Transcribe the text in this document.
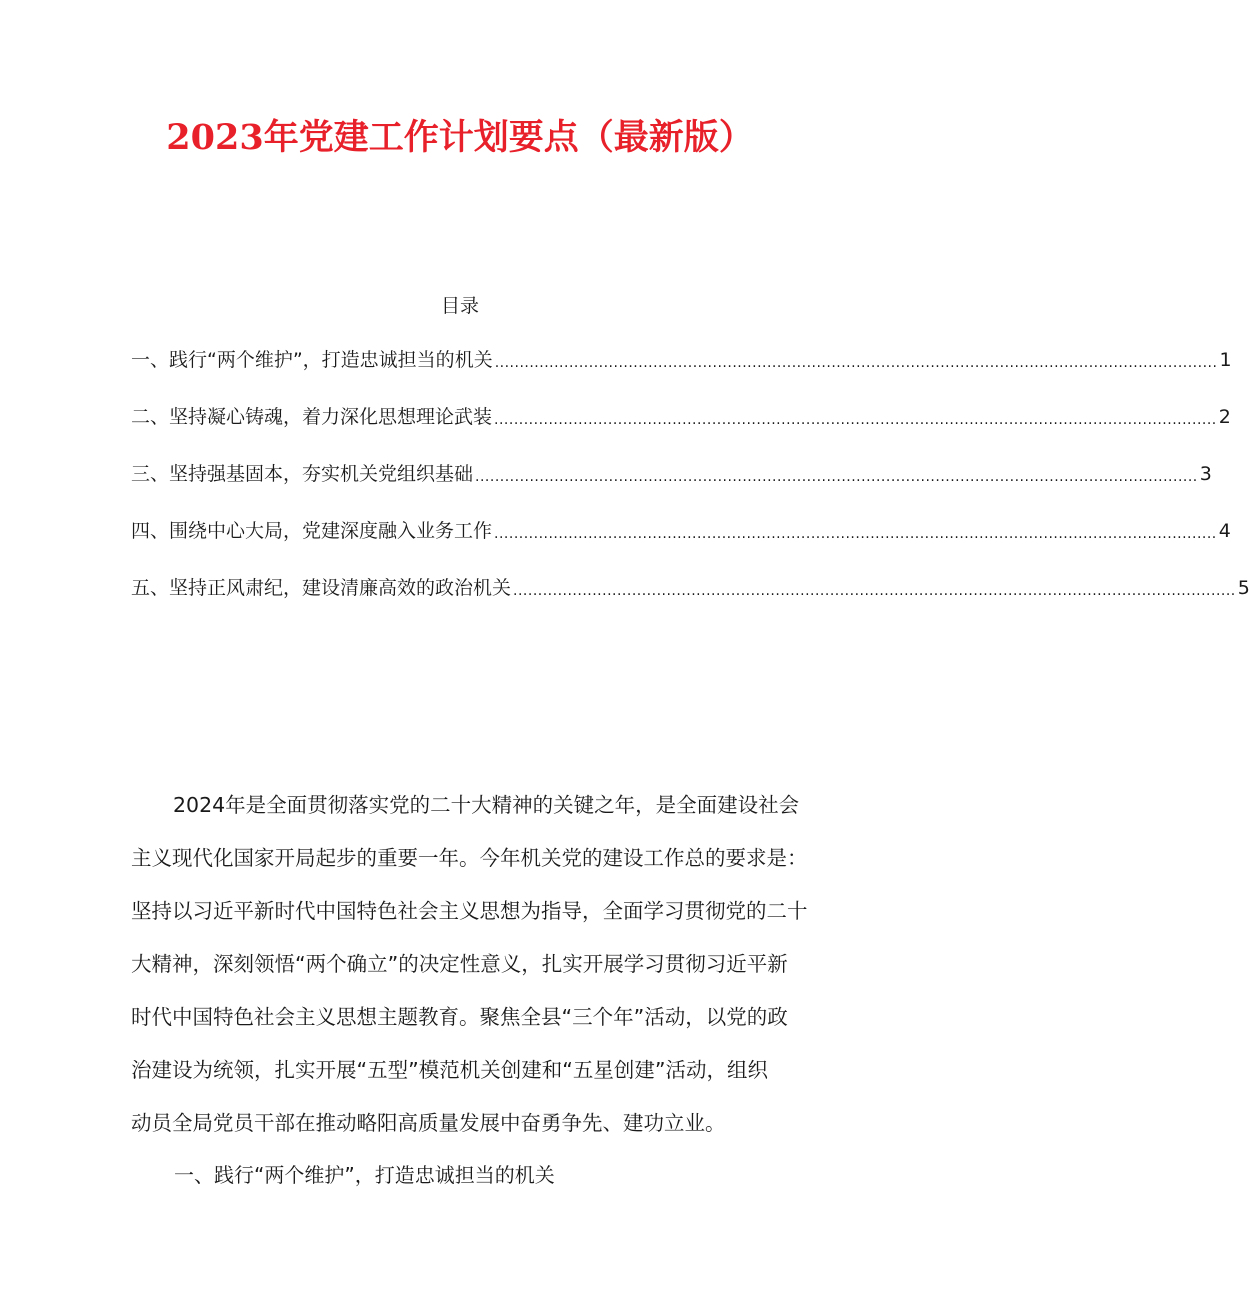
2023年党建工作计划要点（最新版）
目录
一、践行“两个维护”，打造忠诚担当的机关 .................................................................................................................................................. 1
二、坚持凝心铸魂，着力深化思想理论武装 .................................................................................................................................................. 2
三、坚持强基固本，夯实机关党组织基础 .................................................................................................................................................. 3
四、围绕中心大局，党建深度融入业务工作 .................................................................................................................................................. 4
五、坚持正风肃纪，建设清廉高效的政治机关 .................................................................................................................................................. 5
2024年是全面贯彻落实党的二十大精神的关键之年，是全面建设社会
主义现代化国家开局起步的重要一年。今年机关党的建设工作总的要求是：
坚持以习近平新时代中国特色社会主义思想为指导，全面学习贯彻党的二十
大精神，深刻领悟“两个确立”的决定性意义，扎实开展学习贯彻习近平新
时代中国特色社会主义思想主题教育。聚焦全县“三个年”活动，以党的政
治建设为统领，扎实开展“五型”模范机关创建和“五星创建”活动，组织
动员全局党员干部在推动略阳高质量发展中奋勇争先、建功立业。
一、践行“两个维护”，打造忠诚担当的机关
